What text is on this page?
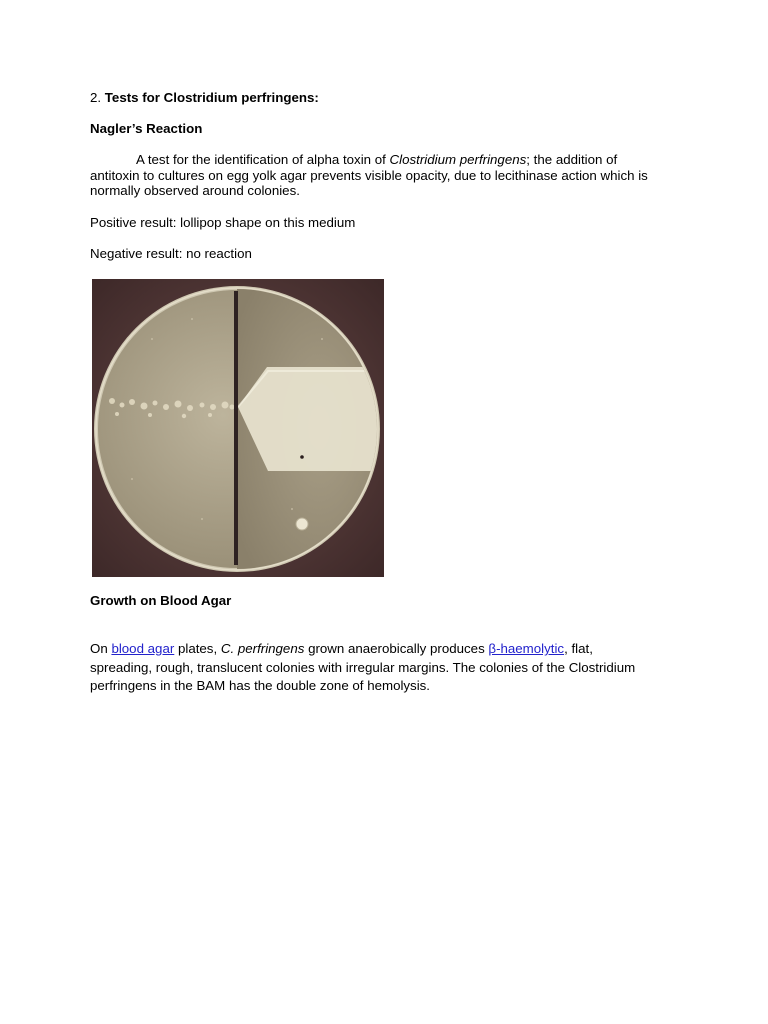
2. Tests for Clostridium perfringens:
Nagler’s Reaction
A test for the identification of alpha toxin of Clostridium perfringens; the addition of
antitoxin to cultures on egg yolk agar prevents visible opacity, due to lecithinase action which is
normally observed around colonies.
Positive result: lollipop shape on this medium
Negative result: no reaction
Growth on Blood Agar
On blood agar plates, C. perfringens grown anaerobically produces β-haemolytic, flat,
spreading, rough, translucent colonies with irregular margins. The colonies of the Clostridium
perfringens in the BAM has the double zone of hemolysis.
